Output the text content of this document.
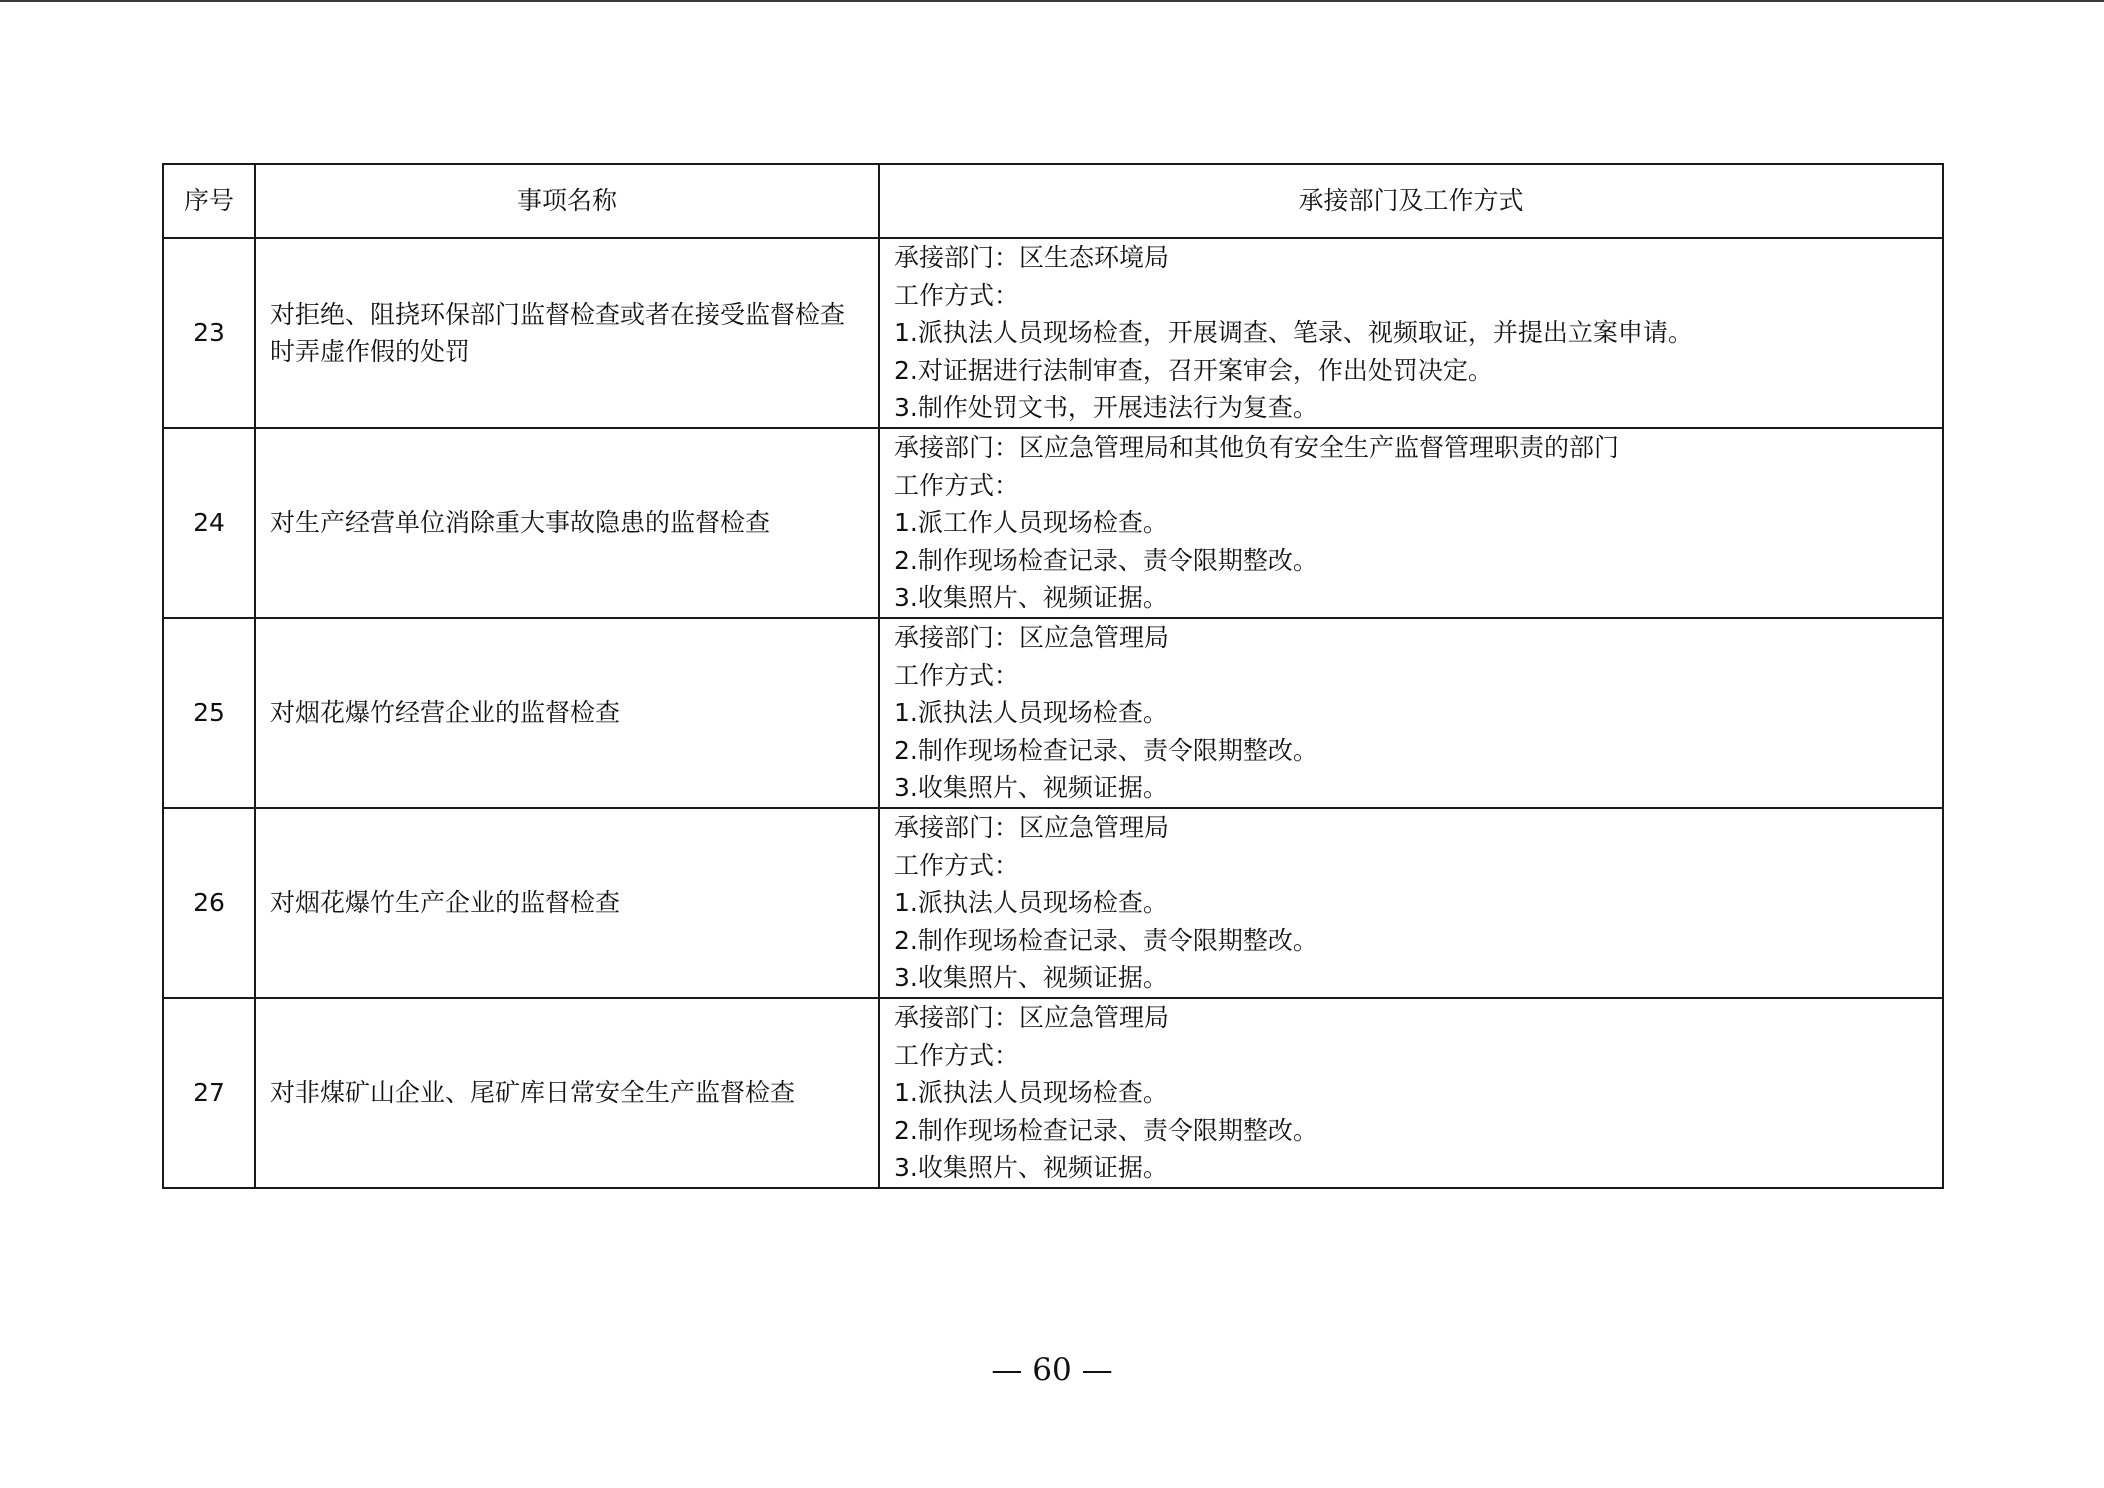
序号	事项名称	承接部门及工作方式
23	对拒绝、阻挠环保部门监督检查或者在接受监督检查时弄虚作假的处罚	承接部门：区生态环境局
工作方式：
1.派执法人员现场检查，开展调查、笔录、视频取证，并提出立案申请。
2.对证据进行法制审查，召开案审会，作出处罚决定。
3.制作处罚文书，开展违法行为复查。

24	对生产经营单位消除重大事故隐患的监督检查	承接部门：区应急管理局和其他负有安全生产监督管理职责的部门
工作方式：
1.派工作人员现场检查。
2.制作现场检查记录、责令限期整改。
3.收集照片、视频证据。

25	对烟花爆竹经营企业的监督检查	承接部门：区应急管理局
工作方式：
1.派执法人员现场检查。
2.制作现场检查记录、责令限期整改。
3.收集照片、视频证据。

26	对烟花爆竹生产企业的监督检查	承接部门：区应急管理局
工作方式：
1.派执法人员现场检查。
2.制作现场检查记录、责令限期整改。
3.收集照片、视频证据。

27	对非煤矿山企业、尾矿库日常安全生产监督检查	承接部门：区应急管理局
工作方式：
1.派执法人员现场检查。
2.制作现场检查记录、责令限期整改。
3.收集照片、视频证据。
— 60 —
